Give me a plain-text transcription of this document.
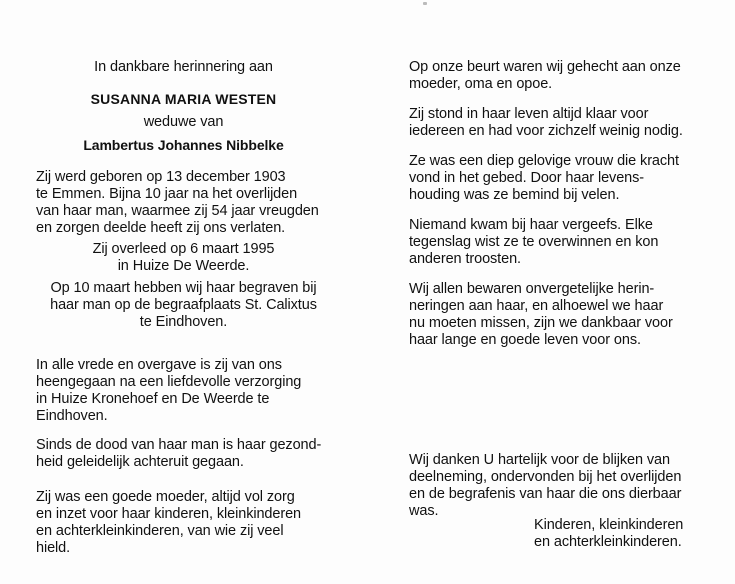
In dankbare herinnering aan
SUSANNA MARIA WESTEN
weduwe van
Lambertus Johannes Nibbelke
Zij werd geboren op 13 december 1903
te Emmen. Bijna 10 jaar na het overlijden
van haar man, waarmee zij 54 jaar vreugden
en zorgen deelde heeft zij ons verlaten.
Zij overleed op 6 maart 1995
in Huize De Weerde.
Op 10 maart hebben wij haar begraven bij
haar man op de begraafplaats St. Calixtus
te Eindhoven.
In alle vrede en overgave is zij van ons
heengegaan na een liefdevolle verzorging
in Huize Kronehoef en De Weerde te
Eindhoven.
Sinds de dood van haar man is haar gezond-
heid geleidelijk achteruit gegaan.
Zij was een goede moeder, altijd vol zorg
en inzet voor haar kinderen, kleinkinderen
en achterkleinkinderen, van wie zij veel
hield.
Op onze beurt waren wij gehecht aan onze
moeder, oma en opoe.
Zij stond in haar leven altijd klaar voor
iedereen en had voor zichzelf weinig nodig.
Ze was een diep gelovige vrouw die kracht
vond in het gebed. Door haar levens-
houding was ze bemind bij velen.
Niemand kwam bij haar vergeefs. Elke
tegenslag wist ze te overwinnen en kon
anderen troosten.
Wij allen bewaren onvergetelijke herin-
neringen aan haar, en alhoewel we haar
nu moeten missen, zijn we dankbaar voor
haar lange en goede leven voor ons.
Wij danken U hartelijk voor de blijken van
deelneming, ondervonden bij het overlijden
en de begrafenis van haar die ons dierbaar
was.
Kinderen, kleinkinderen
en achterkleinkinderen.
